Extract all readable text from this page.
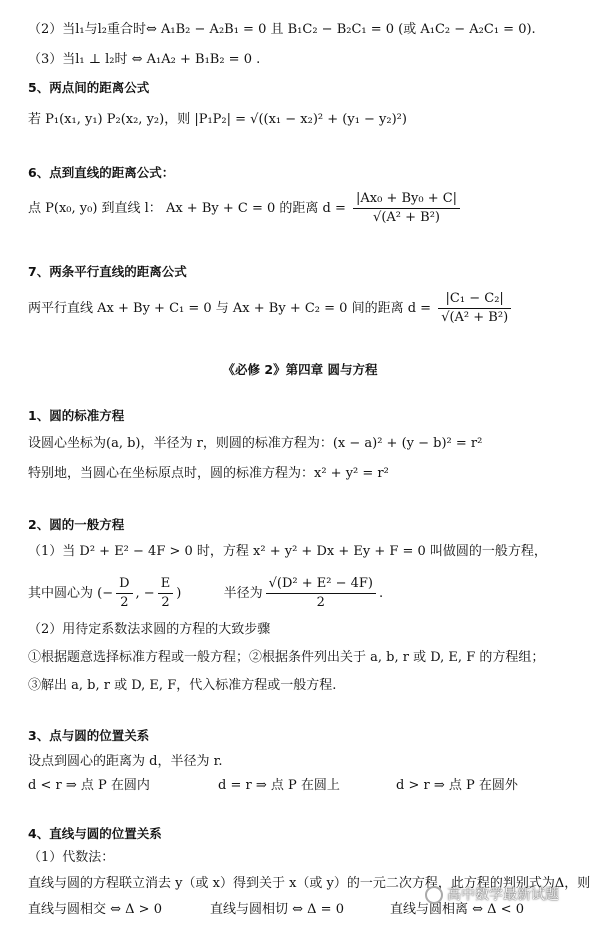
（2）当l₁与l₂重合时⇔ A₁B₂ − A₂B₁ = 0 且 B₁C₂ − B₂C₁ = 0 (或 A₁C₂ − A₂C₁ = 0).
（3）当l₁ ⊥ l₂时 ⇔ A₁A₂ + B₁B₂ = 0 .
5、两点间的距离公式
若 P₁(x₁, y₁) P₂(x₂, y₂)，则 |P₁P₂| = √((x₁ − x₂)² + (y₁ − y₂)²)
6、点到直线的距离公式：
点 P(x₀, y₀) 到直线 l： Ax + By + C = 0 的距离 $d = \frac{\text{|Ax₀ + By₀ + C|}}{\text{√(A² + B²)}}$
7、两条平行直线的距离公式
两平行直线 Ax + By + C₁ = 0 与 Ax + By + C₂ = 0 间的距离 $d = \frac{\text{|C₁ − C₂|}}{\text{√(A² + B²)}}$
《必修 2》第四章 圆与方程
1、圆的标准方程
设圆心坐标为(a, b)，半径为 r，则圆的标准方程为：(x − a)² + (y − b)² = r²
特别地，当圆心在坐标原点时，圆的标准方程为：x² + y² = r²
2、圆的一般方程
（1）当 D² + E² − 4F > 0 时，方程 x² + y² + Dx + Ey + F = 0 叫做圆的一般方程，
其中圆心为 (− $\frac{D}{2}$ , − $\frac{E}{2}$ )	半径为 $\frac{\text{√(D² + E² − 4F)}}{2}$ .
（2）用待定系数法求圆的方程的大致步骤
①根据题意选择标准方程或一般方程；②根据条件列出关于 a, b, r 或 D, E, F 的方程组；
③解出 a, b, r 或 D, E, F，代入标准方程或一般方程.
3、点与圆的位置关系
设点到圆心的距离为 d，半径为 r.
d < r ⇒ 点 P 在圆内	d = r ⇒ 点 P 在圆上	d > r ⇒ 点 P 在圆外
4、直线与圆的位置关系
（1）代数法：
直线与圆的方程联立消去 y（或 x）得到关于 x（或 y）的一元二次方程，此方程的判别式为Δ，则
直线与圆相交 ⇔ Δ > 0	直线与圆相切 ⇔ Δ = 0	直线与圆相离 ⇔ Δ < 0
高中数学最新试题
